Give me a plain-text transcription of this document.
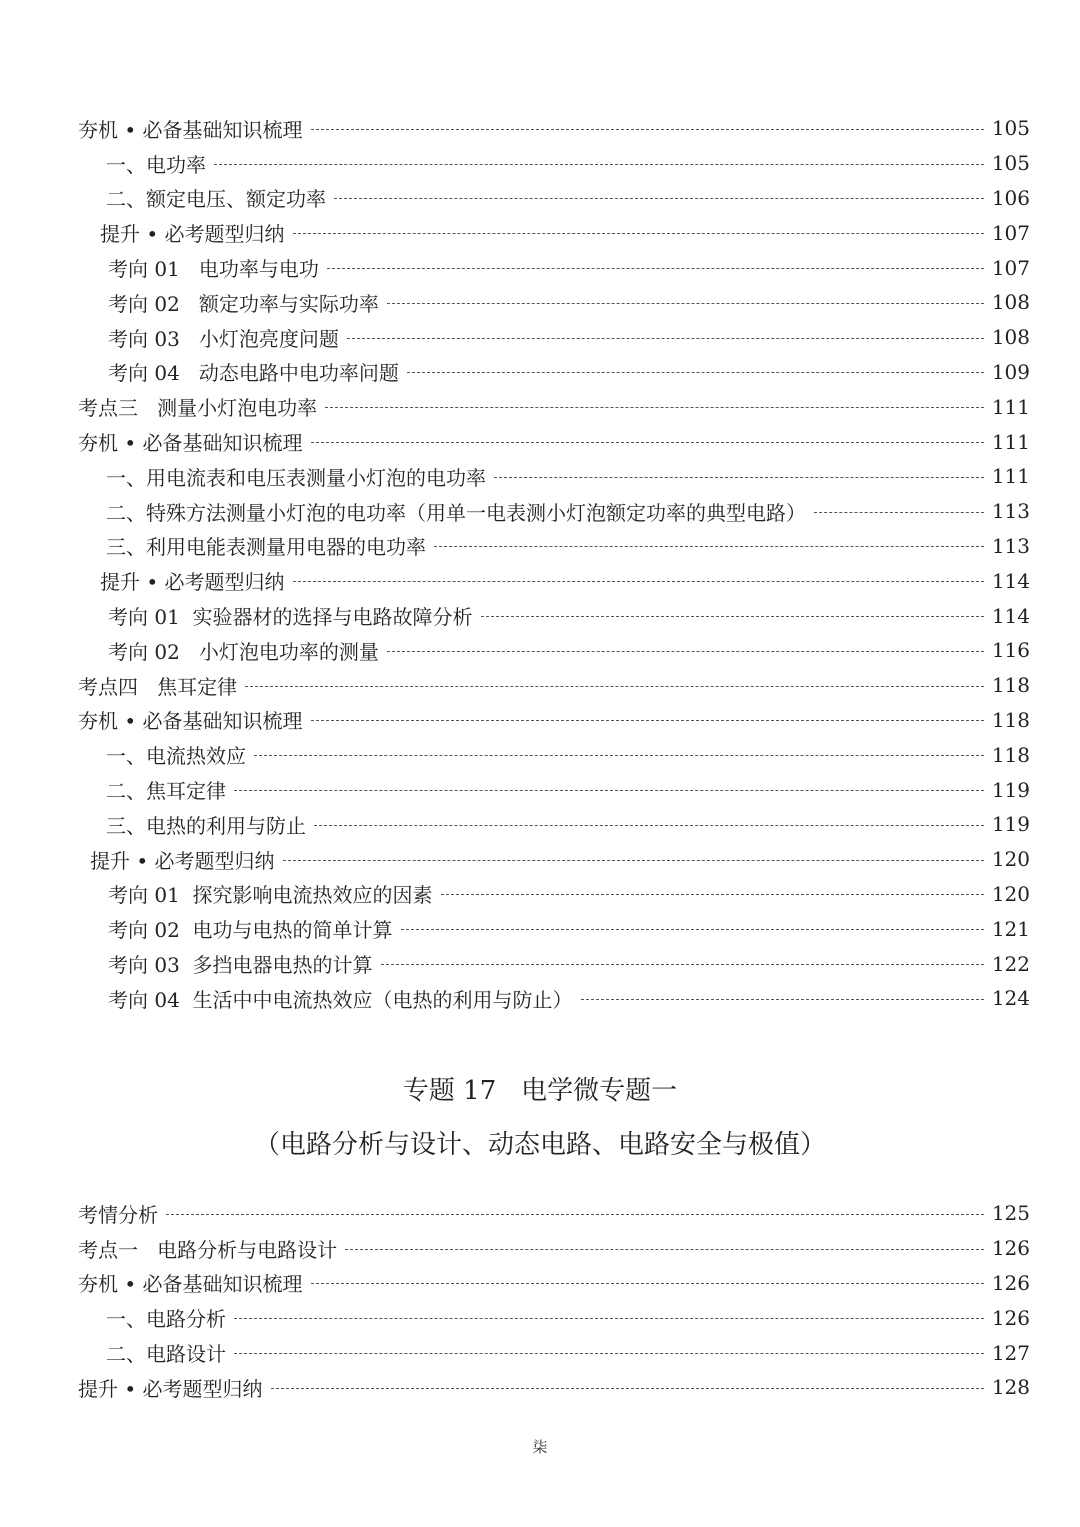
夯机 • 必备基础知识梳理	105
一、电功率	105
二、额定电压、额定功率	106
提升 • 必考题型归纳	107
考向 01   电功率与电功	107
考向 02   额定功率与实际功率	108
考向 03   小灯泡亮度问题	108
考向 04   动态电路中电功率问题	109
考点三   测量小灯泡电功率	111
夯机 • 必备基础知识梳理	111
一、用电流表和电压表测量小灯泡的电功率	111
二、特殊方法测量小灯泡的电功率（用单一电表测小灯泡额定功率的典型电路）	113
三、利用电能表测量用电器的电功率	113
提升 • 必考题型归纳	114
考向 01  实验器材的选择与电路故障分析	114
考向 02   小灯泡电功率的测量	116
考点四   焦耳定律	118
夯机 • 必备基础知识梳理	118
一、电流热效应	118
二、焦耳定律	119
三、电热的利用与防止	119
提升 • 必考题型归纳	120
考向 01  探究影响电流热效应的因素	120
考向 02  电功与电热的简单计算	121
考向 03  多挡电器电热的计算	122
考向 04  生活中中电流热效应（电热的利用与防止）	124
专题 17   电学微专题一
（电路分析与设计、动态电路、电路安全与极值）
考情分析	125
考点一   电路分析与电路设计	126
夯机 • 必备基础知识梳理	126
一、电路分析	126
二、电路设计	127
提升 • 必考题型归纳	128
柒
